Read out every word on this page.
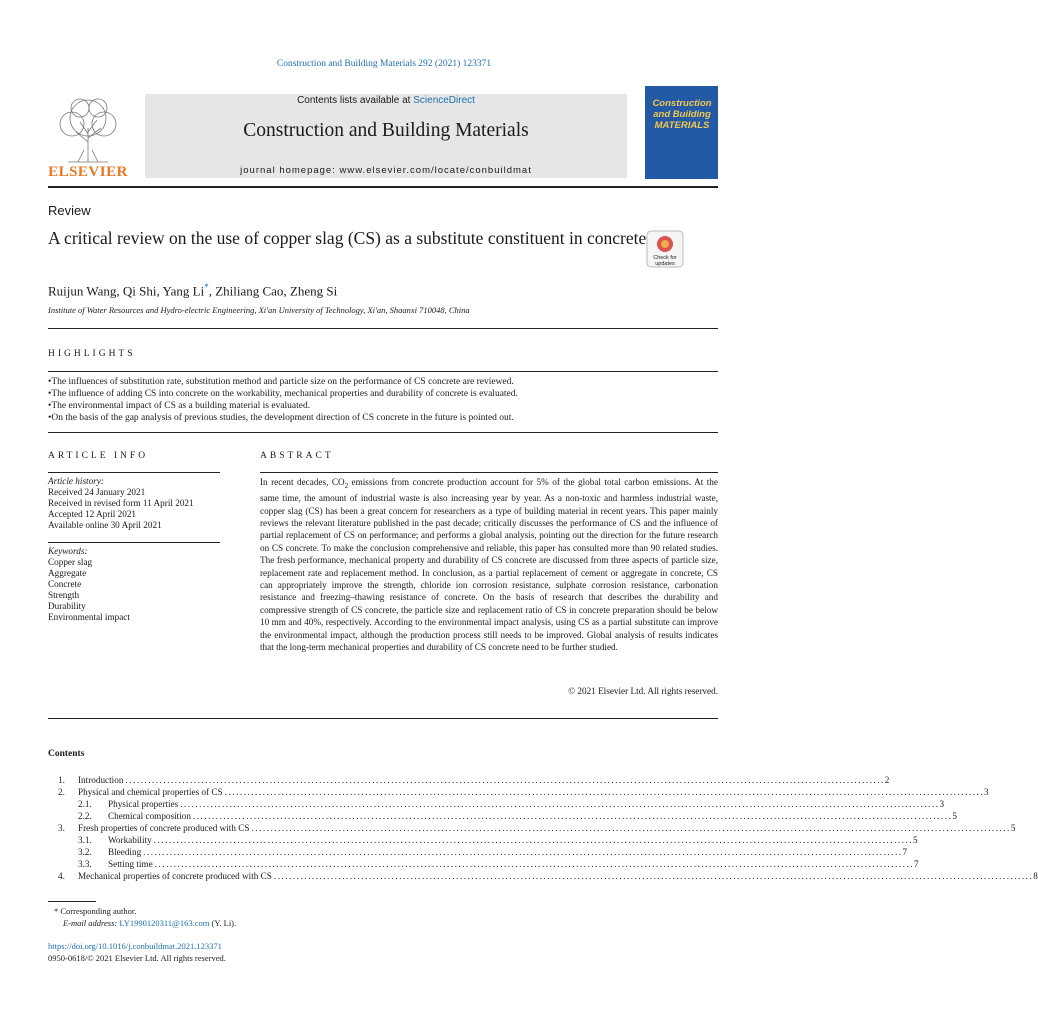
Construction and Building Materials 292 (2021) 123371
ELSEVIER
Contents lists available at ScienceDirect
Construction and Building Materials
journal homepage: www.elsevier.com/locate/conbuildmat
Construction
and Building
MATERIALS
Review
A critical review on the use of copper slag (CS) as a substitute constituent in concrete
Check for updates
Ruijun Wang, Qi Shi, Yang Li*, Zhiliang Cao, Zheng Si
Institute of Water Resources and Hydro-electric Engineering, Xi'an University of Technology, Xi'an, Shaanxi 710048, China
HIGHLIGHTS
•The influences of substitution rate, substitution method and particle size on the performance of CS concrete are reviewed.
•The influence of adding CS into concrete on the workability, mechanical properties and durability of concrete is evaluated.
•The environmental impact of CS as a building material is evaluated.
•On the basis of the gap analysis of previous studies, the development direction of CS concrete in the future is pointed out.
ARTICLE INFO
Article history:
Received 24 January 2021
Received in revised form 11 April 2021
Accepted 12 April 2021
Available online 30 April 2021
Keywords:
Copper slag
Aggregate
Concrete
Strength
Durability
Environmental impact
ABSTRACT
In recent decades, $CO_2$ emissions from concrete production account for 5% of the global total carbon emissions. At the same time, the amount of industrial waste is also increasing year by year. As a non-toxic and harmless industrial waste, copper slag (CS) has been a great concern for researchers as a type of building material in recent years. This paper mainly reviews the relevant literature published in the past decade; critically discusses the performance of CS and the influence of partial replacement of CS on performance; and performs a global analysis, pointing out the direction for the future research on CS concrete. To make the conclusion comprehensive and reliable, this paper has consulted more than 90 related studies. The fresh performance, mechanical property and durability of CS concrete are discussed from three aspects of particle size, replacement rate and replacement method. In conclusion, as a partial replacement of cement or aggregate in concrete, CS can appropriately improve the strength, chloride ion corrosion resistance, sulphate corrosion resistance, carbonation resistance and freezing–thawing resistance of concrete. On the basis of research that describes the durability and compressive strength of CS concrete, the particle size and replacement ratio of CS in concrete preparation should be below 10 mm and 40%, respectively. According to the environmental impact analysis, using CS as a partial substitute can improve the environmental impact, although the production process still needs to be improved. Global analysis of results indicates that the long-term mechanical properties and durability of CS concrete need to be further studied.
© 2021 Elsevier Ltd. All rights reserved.
Contents
1. Introduction ........................................................................................................................................................................................................ 2
2. Physical and chemical properties of CS ........................................................................................................................................................................................................ 3
2.1. Physical properties ........................................................................................................................................................................................................ 3
2.2. Chemical composition ........................................................................................................................................................................................................ 5
3. Fresh properties of concrete produced with CS ........................................................................................................................................................................................................ 5
3.1. Workability ........................................................................................................................................................................................................ 5
3.2. Bleeding ........................................................................................................................................................................................................ 7
3.3. Setting time ........................................................................................................................................................................................................ 7
4. Mechanical properties of concrete produced with CS ........................................................................................................................................................................................................ 8
* Corresponding author.
E-mail address: LY1990120311@163.com (Y. Li).
https://doi.org/10.1016/j.conbuildmat.2021.123371
0950-0618/© 2021 Elsevier Ltd. All rights reserved.
